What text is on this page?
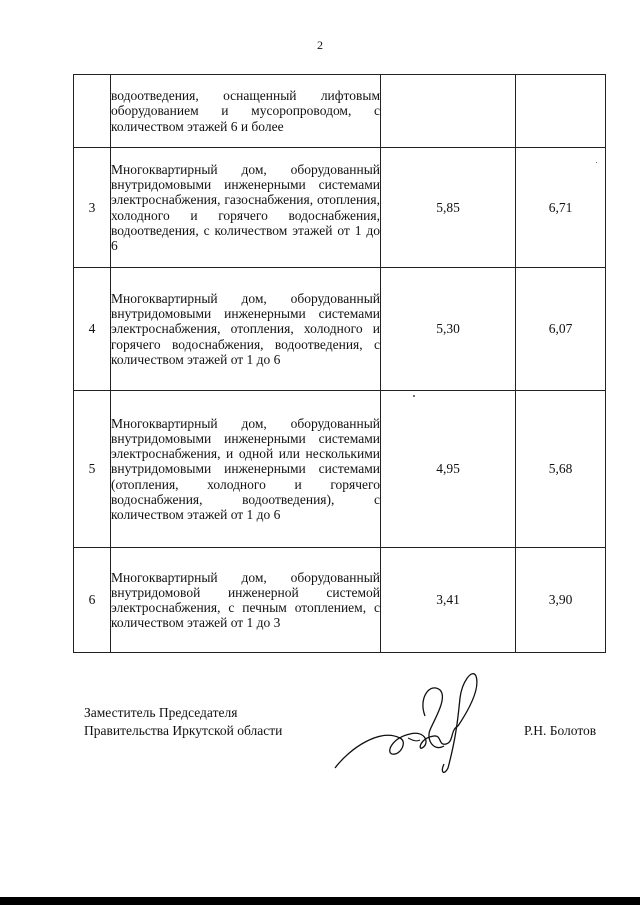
2
	водоотведения, оснащенный лифтовым оборудованием и мусоропроводом, с количеством этажей 6 и более		
3	Многоквартирный дом, оборудованный внутридомовыми инженерными системами электроснабжения, газоснабжения, отопления, холодного и горячего водоснабжения, водоотведения, с количеством этажей от 1 до 6	5,85	6,71
4	Многоквартирный дом, оборудованный внутридомовыми инженерными системами электроснабжения, отопления, холодного и горячего водоснабжения, водоотведения, с количеством этажей от 1 до 6	5,30	6,07
5	Многоквартирный дом, оборудованный внутридомовыми инженерными системами электроснабжения, и одной или несколькими внутридомовыми инженерными системами (отопления, холодного и горячего водоснабжения, водоотведения), с количеством этажей от 1 до 6	4,95	5,68
6	Многоквартирный дом, оборудованный внутридомовой инженерной системой электроснабжения, с печным отоплением, с количеством этажей от 1 до 3	3,41	3,90
Заместитель Председателя
Правительства Иркутской области	Р.Н. Болотов
